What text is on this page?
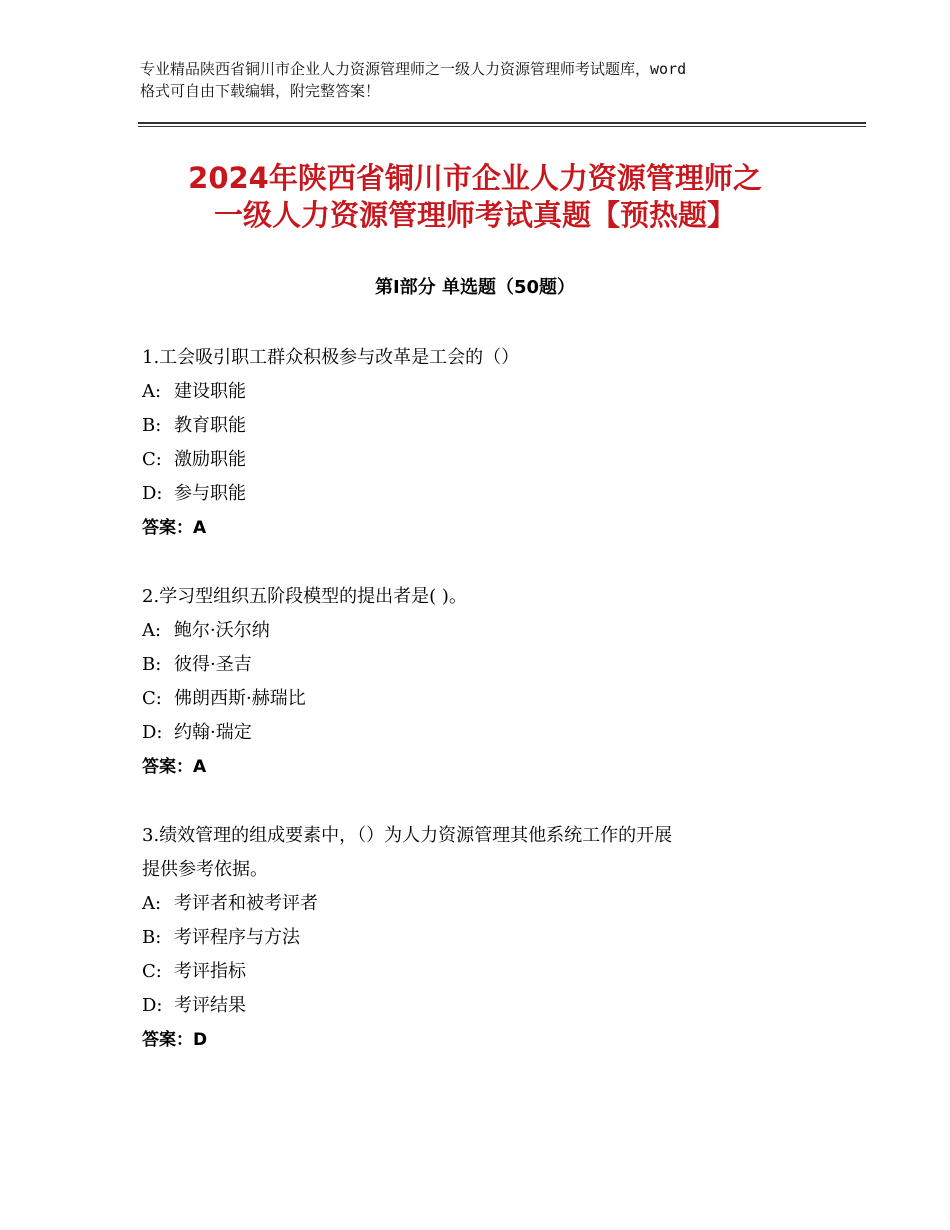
专业精品陕西省铜川市企业人力资源管理师之一级人力资源管理师考试题库，word
格式可自由下载编辑，附完整答案！
2024年陕西省铜川市企业人力资源管理师之
一级人力资源管理师考试真题【预热题】
第I部分 单选题（50题）
1.工会吸引职工群众积极参与改革是工会的（）
A: 建设职能
B: 教育职能
C: 激励职能
D: 参与职能
答案：A
2.学习型组织五阶段模型的提出者是( )。
A: 鲍尔·沃尔纳
B: 彼得·圣吉
C: 佛朗西斯·赫瑞比
D: 约翰·瑞定
答案：A
3.绩效管理的组成要素中，（）为人力资源管理其他系统工作的开展
提供参考依据。
A: 考评者和被考评者
B: 考评程序与方法
C: 考评指标
D: 考评结果
答案：D
